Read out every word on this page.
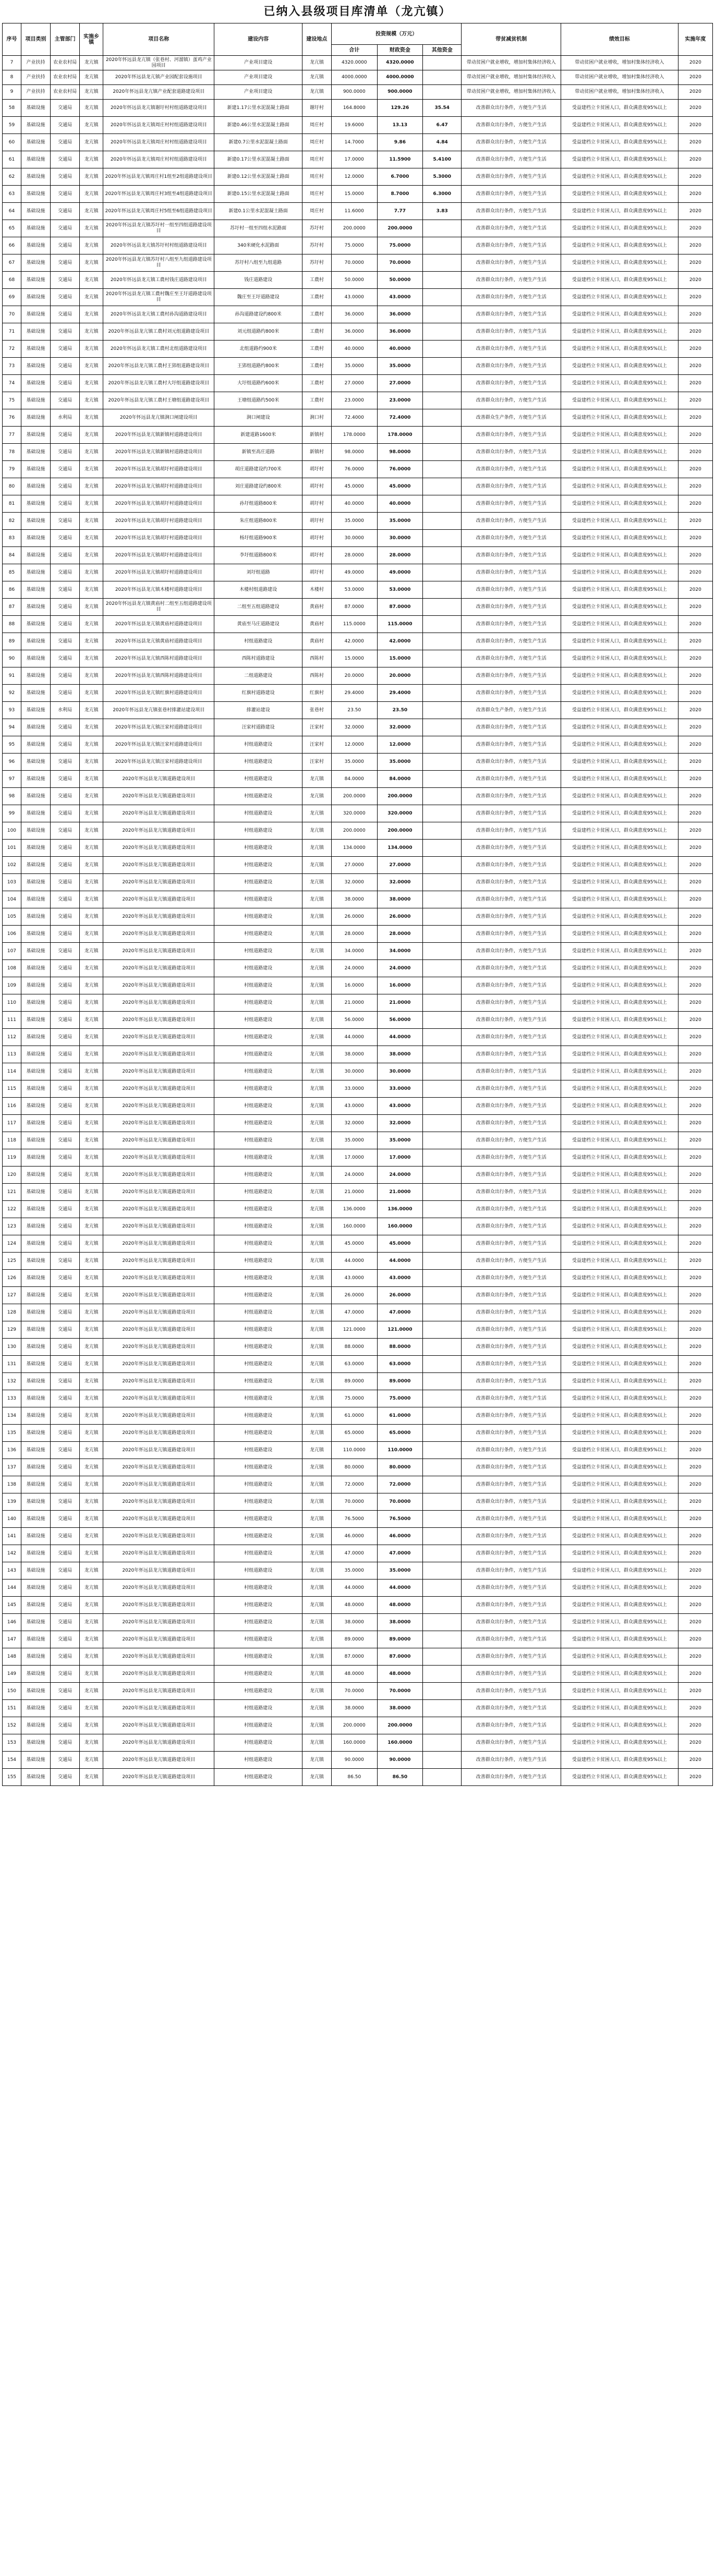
已纳入县级项目库清单（龙亢镇）
序号	项目类别	主管部门	实施乡镇	项目名称	建设内容	建设地点	投资规模（万元）			带贫减贫机制	绩效目标	实施年度
							合计	财政资金	其他资金			
7	产业扶持	农业农村局	龙亢镇	2020年怀远县龙亢镇（张巷村、河溜镇）蛋鸡产业园项目	产业项目建设	龙亢镇	4320.0000	4320.0000		带动贫困户就业增收，增加村集体经济收入	带动贫困户就业增收，增加村集体经济收入	2020
8	产业扶持	农业农村局	龙亢镇	2020年怀远县龙亢镇产业园配套设施项目	产业项目建设	龙亢镇	4000.0000	4000.0000		带动贫困户就业增收，增加村集体经济收入	带动贫困户就业增收，增加村集体经济收入	2020
9	产业扶持	农业农村局	龙亢镇	2020年怀远县龙亢镇产业配套道路建设项目	产业项目建设	龙亢镇	900.0000	900.0000		带动贫困户就业增收，增加村集体经济收入	带动贫困户就业增收，增加村集体经济收入	2020
58	基础设施	交通局	龙亢镇	2020年怀远县龙亢镇谢圩村村组道路建设项目	新建1.17公里水泥混凝土路面	谢圩村	164.8000	129.26	35.54	改善群众出行条件，方便生产生活	受益建档立卡贫困人口，群众满意度95%以上	2020
59	基础设施	交通局	龙亢镇	2020年怀远县龙亢镇周庄村村组道路建设项目	新建0.46公里水泥混凝土路面	周庄村	19.6000	13.13	6.47	改善群众出行条件，方便生产生活	受益建档立卡贫困人口，群众满意度95%以上	2020
60	基础设施	交通局	龙亢镇	2020年怀远县龙亢镇周庄村村组道路建设项目	新建0.7公里水泥混凝土路面	周庄村	14.7000	9.86	4.84	改善群众出行条件，方便生产生活	受益建档立卡贫困人口，群众满意度95%以上	2020
61	基础设施	交通局	龙亢镇	2020年怀远县龙亢镇周庄村村组道路建设项目	新建0.17公里水泥混凝土路面	周庄村	17.0000	11.5900	5.4100	改善群众出行条件，方便生产生活	受益建档立卡贫困人口，群众满意度95%以上	2020
62	基础设施	交通局	龙亢镇	2020年怀远县龙亢镇周庄村1组至2组道路建设项目	新建0.12公里水泥混凝土路面	周庄村	12.0000	6.7000	5.3000	改善群众出行条件，方便生产生活	受益建档立卡贫困人口，群众满意度95%以上	2020
63	基础设施	交通局	龙亢镇	2020年怀远县龙亢镇周庄村3组至4组道路建设项目	新建0.15公里水泥混凝土路面	周庄村	15.0000	8.7000	6.3000	改善群众出行条件，方便生产生活	受益建档立卡贫困人口，群众满意度95%以上	2020
64	基础设施	交通局	龙亢镇	2020年怀远县龙亢镇周庄村5组至6组道路建设项目	新建0.1公里水泥混凝土路面	周庄村	11.6000	7.77	3.83	改善群众出行条件，方便生产生活	受益建档立卡贫困人口，群众满意度95%以上	2020
65	基础设施	交通局	龙亢镇	2020年怀远县龙亢镇苏圩村一组至四组道路建设项目	苏圩村一组至四组水泥路面	苏圩村	200.0000	200.0000		改善群众出行条件，方便生产生活	受益建档立卡贫困人口，群众满意度95%以上	2020
66	基础设施	交通局	龙亢镇	2020年怀远县龙亢镇苏圩村村组道路建设项目	340米硬化水泥路面	苏圩村	75.0000	75.0000		改善群众出行条件，方便生产生活	受益建档立卡贫困人口，群众满意度95%以上	2020
67	基础设施	交通局	龙亢镇	2020年怀远县龙亢镇苏圩村八组至九组道路建设项目	苏圩村八组至九组道路	苏圩村	70.0000	70.0000		改善群众出行条件，方便生产生活	受益建档立卡贫困人口，群众满意度95%以上	2020
68	基础设施	交通局	龙亢镇	2020年怀远县龙亢镇工農村钱庄道路建设项目	钱庄道路建设	工農村	50.0000	50.0000		改善群众出行条件，方便生产生活	受益建档立卡贫困人口，群众满意度95%以上	2020
69	基础设施	交通局	龙亢镇	2020年怀远县龙亢镇工農村魏庄至王圩道路建设项目	魏庄至王圩道路建设	工農村	43.0000	43.0000		改善群众出行条件，方便生产生活	受益建档立卡贫困人口，群众满意度95%以上	2020
70	基础设施	交通局	龙亢镇	2020年怀远县龙亢镇工農村孙沟道路建设项目	孙沟道路建设约800米	工農村	36.0000	36.0000		改善群众出行条件，方便生产生活	受益建档立卡贫困人口，群众满意度95%以上	2020
71	基础设施	交通局	龙亢镇	2020年怀远县龙亢镇工農村刘元组道路建设项目	刘元组道路约800米	工農村	36.0000	36.0000		改善群众出行条件，方便生产生活	受益建档立卡贫困人口，群众满意度95%以上	2020
72	基础设施	交通局	龙亢镇	2020年怀远县龙亢镇工農村北组道路建设项目	北组道路约900米	工農村	40.0000	40.0000		改善群众出行条件，方便生产生活	受益建档立卡贫困人口，群众满意度95%以上	2020
73	基础设施	交通局	龙亢镇	2020年怀远县龙亢镇工農村王郢组道路建设项目	王郢组道路约800米	工農村	35.0000	35.0000		改善群众出行条件，方便生产生活	受益建档立卡贫困人口，群众满意度95%以上	2020
74	基础设施	交通局	龙亢镇	2020年怀远县龙亢镇工農村大圩组道路建设项目	大圩组道路约600米	工農村	27.0000	27.0000		改善群众出行条件，方便生产生活	受益建档立卡贫困人口，群众满意度95%以上	2020
75	基础设施	交通局	龙亢镇	2020年怀远县龙亢镇工農村王塘组道路建设项目	王塘组道路约500米	工農村	23.0000	23.0000		改善群众出行条件，方便生产生活	受益建档立卡贫困人口，群众满意度95%以上	2020
76	基础设施	水利局	龙亢镇	2020年怀远县龙亢镇涧口闸建设项目	涧口闸建设	涧口村	72.4000	72.4000		改善群众生产条件，方便生产生活	受益建档立卡贫困人口，群众满意度95%以上	2020
77	基础设施	交通局	龙亢镇	2020年怀远县龙亢镇新镇村道路建设项目	新建道路1600米	新镇村	178.0000	178.0000		改善群众出行条件，方便生产生活	受益建档立卡贫困人口，群众满意度95%以上	2020
78	基础设施	交通局	龙亢镇	2020年怀远县龙亢镇新镇村道路建设项目	新镇至高庄道路	新镇村	98.0000	98.0000		改善群众出行条件，方便生产生活	受益建档立卡贫困人口，群众满意度95%以上	2020
79	基础设施	交通局	龙亢镇	2020年怀远县龙亢镇胡圩村道路建设项目	胡庄道路建设约700米	胡圩村	76.0000	76.0000		改善群众出行条件，方便生产生活	受益建档立卡贫困人口，群众满意度95%以上	2020
80	基础设施	交通局	龙亢镇	2020年怀远县龙亢镇胡圩村道路建设项目	刘庄道路建设约800米	胡圩村	45.0000	45.0000		改善群众出行条件，方便生产生活	受益建档立卡贫困人口，群众满意度95%以上	2020
81	基础设施	交通局	龙亢镇	2020年怀远县龙亢镇胡圩村道路建设项目	孙圩组道路800米	胡圩村	40.0000	40.0000		改善群众出行条件，方便生产生活	受益建档立卡贫困人口，群众满意度95%以上	2020
82	基础设施	交通局	龙亢镇	2020年怀远县龙亢镇胡圩村道路建设项目	朱庄组道路800米	胡圩村	35.0000	35.0000		改善群众出行条件，方便生产生活	受益建档立卡贫困人口，群众满意度95%以上	2020
83	基础设施	交通局	龙亢镇	2020年怀远县龙亢镇胡圩村道路建设项目	杨圩组道路900米	胡圩村	30.0000	30.0000		改善群众出行条件，方便生产生活	受益建档立卡贫困人口，群众满意度95%以上	2020
84	基础设施	交通局	龙亢镇	2020年怀远县龙亢镇胡圩村道路建设项目	李圩组道路800米	胡圩村	28.0000	28.0000		改善群众出行条件，方便生产生活	受益建档立卡贫困人口，群众满意度95%以上	2020
85	基础设施	交通局	龙亢镇	2020年怀远县龙亢镇胡圩村道路建设项目	刘圩组道路	胡圩村	49.0000	49.0000		改善群众出行条件，方便生产生活	受益建档立卡贫困人口，群众满意度95%以上	2020
86	基础设施	交通局	龙亢镇	2020年怀远县龙亢镇木楼村道路建设项目	木楼村组道路建设	木楼村	53.0000	53.0000		改善群众出行条件，方便生产生活	受益建档立卡贫困人口，群众满意度95%以上	2020
87	基础设施	交通局	龙亢镇	2020年怀远县龙亢镇黄庙村二组至五组道路建设项目	二组至五组道路建设	黄庙村	87.0000	87.0000		改善群众出行条件，方便生产生活	受益建档立卡贫困人口，群众满意度95%以上	2020
88	基础设施	交通局	龙亢镇	2020年怀远县龙亢镇黄庙村道路建设项目	黄庙至马庄道路建设	黄庙村	115.0000	115.0000		改善群众出行条件，方便生产生活	受益建档立卡贫困人口，群众满意度95%以上	2020
89	基础设施	交通局	龙亢镇	2020年怀远县龙亢镇黄庙村道路建设项目	村组道路建设	黄庙村	42.0000	42.0000		改善群众出行条件，方便生产生活	受益建档立卡贫困人口，群众满意度95%以上	2020
90	基础设施	交通局	龙亢镇	2020年怀远县龙亢镇西陈村道路建设项目	西陈村道路建设	西陈村	15.0000	15.0000		改善群众出行条件，方便生产生活	受益建档立卡贫困人口，群众满意度95%以上	2020
91	基础设施	交通局	龙亢镇	2020年怀远县龙亢镇西陈村道路建设项目	二组道路建设	西陈村	20.0000	20.0000		改善群众出行条件，方便生产生活	受益建档立卡贫困人口，群众满意度95%以上	2020
92	基础设施	交通局	龙亢镇	2020年怀远县龙亢镇红旗村道路建设项目	红旗村道路建设	红旗村	29.4000	29.4000		改善群众出行条件，方便生产生活	受益建档立卡贫困人口，群众满意度95%以上	2020
93	基础设施	水利局	龙亢镇	2020年怀远县龙亢镇张巷村排灌站建设项目	排灌站建设	张巷村	23.50	23.50		改善群众生产条件，方便生产生活	受益建档立卡贫困人口，群众满意度95%以上	2020
94	基础设施	交通局	龙亢镇	2020年怀远县龙亢镇汪家村道路建设项目	汪家村道路建设	汪家村	32.0000	32.0000		改善群众出行条件，方便生产生活	受益建档立卡贫困人口，群众满意度95%以上	2020
95	基础设施	交通局	龙亢镇	2020年怀远县龙亢镇汪家村道路建设项目	村组道路建设	汪家村	12.0000	12.0000		改善群众出行条件，方便生产生活	受益建档立卡贫困人口，群众满意度95%以上	2020
96	基础设施	交通局	龙亢镇	2020年怀远县龙亢镇汪家村道路建设项目	村组道路建设	汪家村	35.0000	35.0000		改善群众出行条件，方便生产生活	受益建档立卡贫困人口，群众满意度95%以上	2020
97	基础设施	交通局	龙亢镇	2020年怀远县龙亢镇道路建设项目	村组道路建设	龙亢镇	84.0000	84.0000		改善群众出行条件，方便生产生活	受益建档立卡贫困人口，群众满意度95%以上	2020
98	基础设施	交通局	龙亢镇	2020年怀远县龙亢镇道路建设项目	村组道路建设	龙亢镇	200.0000	200.0000		改善群众出行条件，方便生产生活	受益建档立卡贫困人口，群众满意度95%以上	2020
99	基础设施	交通局	龙亢镇	2020年怀远县龙亢镇道路建设项目	村组道路建设	龙亢镇	320.0000	320.0000		改善群众出行条件，方便生产生活	受益建档立卡贫困人口，群众满意度95%以上	2020
100	基础设施	交通局	龙亢镇	2020年怀远县龙亢镇道路建设项目	村组道路建设	龙亢镇	200.0000	200.0000		改善群众出行条件，方便生产生活	受益建档立卡贫困人口，群众满意度95%以上	2020
101	基础设施	交通局	龙亢镇	2020年怀远县龙亢镇道路建设项目	村组道路建设	龙亢镇	134.0000	134.0000		改善群众出行条件，方便生产生活	受益建档立卡贫困人口，群众满意度95%以上	2020
102	基础设施	交通局	龙亢镇	2020年怀远县龙亢镇道路建设项目	村组道路建设	龙亢镇	27.0000	27.0000		改善群众出行条件，方便生产生活	受益建档立卡贫困人口，群众满意度95%以上	2020
103	基础设施	交通局	龙亢镇	2020年怀远县龙亢镇道路建设项目	村组道路建设	龙亢镇	32.0000	32.0000		改善群众出行条件，方便生产生活	受益建档立卡贫困人口，群众满意度95%以上	2020
104	基础设施	交通局	龙亢镇	2020年怀远县龙亢镇道路建设项目	村组道路建设	龙亢镇	38.0000	38.0000		改善群众出行条件，方便生产生活	受益建档立卡贫困人口，群众满意度95%以上	2020
105	基础设施	交通局	龙亢镇	2020年怀远县龙亢镇道路建设项目	村组道路建设	龙亢镇	26.0000	26.0000		改善群众出行条件，方便生产生活	受益建档立卡贫困人口，群众满意度95%以上	2020
106	基础设施	交通局	龙亢镇	2020年怀远县龙亢镇道路建设项目	村组道路建设	龙亢镇	28.0000	28.0000		改善群众出行条件，方便生产生活	受益建档立卡贫困人口，群众满意度95%以上	2020
107	基础设施	交通局	龙亢镇	2020年怀远县龙亢镇道路建设项目	村组道路建设	龙亢镇	34.0000	34.0000		改善群众出行条件，方便生产生活	受益建档立卡贫困人口，群众满意度95%以上	2020
108	基础设施	交通局	龙亢镇	2020年怀远县龙亢镇道路建设项目	村组道路建设	龙亢镇	24.0000	24.0000		改善群众出行条件，方便生产生活	受益建档立卡贫困人口，群众满意度95%以上	2020
109	基础设施	交通局	龙亢镇	2020年怀远县龙亢镇道路建设项目	村组道路建设	龙亢镇	16.0000	16.0000		改善群众出行条件，方便生产生活	受益建档立卡贫困人口，群众满意度95%以上	2020
110	基础设施	交通局	龙亢镇	2020年怀远县龙亢镇道路建设项目	村组道路建设	龙亢镇	21.0000	21.0000		改善群众出行条件，方便生产生活	受益建档立卡贫困人口，群众满意度95%以上	2020
111	基础设施	交通局	龙亢镇	2020年怀远县龙亢镇道路建设项目	村组道路建设	龙亢镇	56.0000	56.0000		改善群众出行条件，方便生产生活	受益建档立卡贫困人口，群众满意度95%以上	2020
112	基础设施	交通局	龙亢镇	2020年怀远县龙亢镇道路建设项目	村组道路建设	龙亢镇	44.0000	44.0000		改善群众出行条件，方便生产生活	受益建档立卡贫困人口，群众满意度95%以上	2020
113	基础设施	交通局	龙亢镇	2020年怀远县龙亢镇道路建设项目	村组道路建设	龙亢镇	38.0000	38.0000		改善群众出行条件，方便生产生活	受益建档立卡贫困人口，群众满意度95%以上	2020
114	基础设施	交通局	龙亢镇	2020年怀远县龙亢镇道路建设项目	村组道路建设	龙亢镇	30.0000	30.0000		改善群众出行条件，方便生产生活	受益建档立卡贫困人口，群众满意度95%以上	2020
115	基础设施	交通局	龙亢镇	2020年怀远县龙亢镇道路建设项目	村组道路建设	龙亢镇	33.0000	33.0000		改善群众出行条件，方便生产生活	受益建档立卡贫困人口，群众满意度95%以上	2020
116	基础设施	交通局	龙亢镇	2020年怀远县龙亢镇道路建设项目	村组道路建设	龙亢镇	43.0000	43.0000		改善群众出行条件，方便生产生活	受益建档立卡贫困人口，群众满意度95%以上	2020
117	基础设施	交通局	龙亢镇	2020年怀远县龙亢镇道路建设项目	村组道路建设	龙亢镇	32.0000	32.0000		改善群众出行条件，方便生产生活	受益建档立卡贫困人口，群众满意度95%以上	2020
118	基础设施	交通局	龙亢镇	2020年怀远县龙亢镇道路建设项目	村组道路建设	龙亢镇	35.0000	35.0000		改善群众出行条件，方便生产生活	受益建档立卡贫困人口，群众满意度95%以上	2020
119	基础设施	交通局	龙亢镇	2020年怀远县龙亢镇道路建设项目	村组道路建设	龙亢镇	17.0000	17.0000		改善群众出行条件，方便生产生活	受益建档立卡贫困人口，群众满意度95%以上	2020
120	基础设施	交通局	龙亢镇	2020年怀远县龙亢镇道路建设项目	村组道路建设	龙亢镇	24.0000	24.0000		改善群众出行条件，方便生产生活	受益建档立卡贫困人口，群众满意度95%以上	2020
121	基础设施	交通局	龙亢镇	2020年怀远县龙亢镇道路建设项目	村组道路建设	龙亢镇	21.0000	21.0000		改善群众出行条件，方便生产生活	受益建档立卡贫困人口，群众满意度95%以上	2020
122	基础设施	交通局	龙亢镇	2020年怀远县龙亢镇道路建设项目	村组道路建设	龙亢镇	136.0000	136.0000		改善群众出行条件，方便生产生活	受益建档立卡贫困人口，群众满意度95%以上	2020
123	基础设施	交通局	龙亢镇	2020年怀远县龙亢镇道路建设项目	村组道路建设	龙亢镇	160.0000	160.0000		改善群众出行条件，方便生产生活	受益建档立卡贫困人口，群众满意度95%以上	2020
124	基础设施	交通局	龙亢镇	2020年怀远县龙亢镇道路建设项目	村组道路建设	龙亢镇	45.0000	45.0000		改善群众出行条件，方便生产生活	受益建档立卡贫困人口，群众满意度95%以上	2020
125	基础设施	交通局	龙亢镇	2020年怀远县龙亢镇道路建设项目	村组道路建设	龙亢镇	44.0000	44.0000		改善群众出行条件，方便生产生活	受益建档立卡贫困人口，群众满意度95%以上	2020
126	基础设施	交通局	龙亢镇	2020年怀远县龙亢镇道路建设项目	村组道路建设	龙亢镇	43.0000	43.0000		改善群众出行条件，方便生产生活	受益建档立卡贫困人口，群众满意度95%以上	2020
127	基础设施	交通局	龙亢镇	2020年怀远县龙亢镇道路建设项目	村组道路建设	龙亢镇	26.0000	26.0000		改善群众出行条件，方便生产生活	受益建档立卡贫困人口，群众满意度95%以上	2020
128	基础设施	交通局	龙亢镇	2020年怀远县龙亢镇道路建设项目	村组道路建设	龙亢镇	47.0000	47.0000		改善群众出行条件，方便生产生活	受益建档立卡贫困人口，群众满意度95%以上	2020
129	基础设施	交通局	龙亢镇	2020年怀远县龙亢镇道路建设项目	村组道路建设	龙亢镇	121.0000	121.0000		改善群众出行条件，方便生产生活	受益建档立卡贫困人口，群众满意度95%以上	2020
130	基础设施	交通局	龙亢镇	2020年怀远县龙亢镇道路建设项目	村组道路建设	龙亢镇	88.0000	88.0000		改善群众出行条件，方便生产生活	受益建档立卡贫困人口，群众满意度95%以上	2020
131	基础设施	交通局	龙亢镇	2020年怀远县龙亢镇道路建设项目	村组道路建设	龙亢镇	63.0000	63.0000		改善群众出行条件，方便生产生活	受益建档立卡贫困人口，群众满意度95%以上	2020
132	基础设施	交通局	龙亢镇	2020年怀远县龙亢镇道路建设项目	村组道路建设	龙亢镇	89.0000	89.0000		改善群众出行条件，方便生产生活	受益建档立卡贫困人口，群众满意度95%以上	2020
133	基础设施	交通局	龙亢镇	2020年怀远县龙亢镇道路建设项目	村组道路建设	龙亢镇	75.0000	75.0000		改善群众出行条件，方便生产生活	受益建档立卡贫困人口，群众满意度95%以上	2020
134	基础设施	交通局	龙亢镇	2020年怀远县龙亢镇道路建设项目	村组道路建设	龙亢镇	61.0000	61.0000		改善群众出行条件，方便生产生活	受益建档立卡贫困人口，群众满意度95%以上	2020
135	基础设施	交通局	龙亢镇	2020年怀远县龙亢镇道路建设项目	村组道路建设	龙亢镇	65.0000	65.0000		改善群众出行条件，方便生产生活	受益建档立卡贫困人口，群众满意度95%以上	2020
136	基础设施	交通局	龙亢镇	2020年怀远县龙亢镇道路建设项目	村组道路建设	龙亢镇	110.0000	110.0000		改善群众出行条件，方便生产生活	受益建档立卡贫困人口，群众满意度95%以上	2020
137	基础设施	交通局	龙亢镇	2020年怀远县龙亢镇道路建设项目	村组道路建设	龙亢镇	80.0000	80.0000		改善群众出行条件，方便生产生活	受益建档立卡贫困人口，群众满意度95%以上	2020
138	基础设施	交通局	龙亢镇	2020年怀远县龙亢镇道路建设项目	村组道路建设	龙亢镇	72.0000	72.0000		改善群众出行条件，方便生产生活	受益建档立卡贫困人口，群众满意度95%以上	2020
139	基础设施	交通局	龙亢镇	2020年怀远县龙亢镇道路建设项目	村组道路建设	龙亢镇	70.0000	70.0000		改善群众出行条件，方便生产生活	受益建档立卡贫困人口，群众满意度95%以上	2020
140	基础设施	交通局	龙亢镇	2020年怀远县龙亢镇道路建设项目	村组道路建设	龙亢镇	76.5000	76.5000		改善群众出行条件，方便生产生活	受益建档立卡贫困人口，群众满意度95%以上	2020
141	基础设施	交通局	龙亢镇	2020年怀远县龙亢镇道路建设项目	村组道路建设	龙亢镇	46.0000	46.0000		改善群众出行条件，方便生产生活	受益建档立卡贫困人口，群众满意度95%以上	2020
142	基础设施	交通局	龙亢镇	2020年怀远县龙亢镇道路建设项目	村组道路建设	龙亢镇	47.0000	47.0000		改善群众出行条件，方便生产生活	受益建档立卡贫困人口，群众满意度95%以上	2020
143	基础设施	交通局	龙亢镇	2020年怀远县龙亢镇道路建设项目	村组道路建设	龙亢镇	35.0000	35.0000		改善群众出行条件，方便生产生活	受益建档立卡贫困人口，群众满意度95%以上	2020
144	基础设施	交通局	龙亢镇	2020年怀远县龙亢镇道路建设项目	村组道路建设	龙亢镇	44.0000	44.0000		改善群众出行条件，方便生产生活	受益建档立卡贫困人口，群众满意度95%以上	2020
145	基础设施	交通局	龙亢镇	2020年怀远县龙亢镇道路建设项目	村组道路建设	龙亢镇	48.0000	48.0000		改善群众出行条件，方便生产生活	受益建档立卡贫困人口，群众满意度95%以上	2020
146	基础设施	交通局	龙亢镇	2020年怀远县龙亢镇道路建设项目	村组道路建设	龙亢镇	38.0000	38.0000		改善群众出行条件，方便生产生活	受益建档立卡贫困人口，群众满意度95%以上	2020
147	基础设施	交通局	龙亢镇	2020年怀远县龙亢镇道路建设项目	村组道路建设	龙亢镇	89.0000	89.0000		改善群众出行条件，方便生产生活	受益建档立卡贫困人口，群众满意度95%以上	2020
148	基础设施	交通局	龙亢镇	2020年怀远县龙亢镇道路建设项目	村组道路建设	龙亢镇	87.0000	87.0000		改善群众出行条件，方便生产生活	受益建档立卡贫困人口，群众满意度95%以上	2020
149	基础设施	交通局	龙亢镇	2020年怀远县龙亢镇道路建设项目	村组道路建设	龙亢镇	48.0000	48.0000		改善群众出行条件，方便生产生活	受益建档立卡贫困人口，群众满意度95%以上	2020
150	基础设施	交通局	龙亢镇	2020年怀远县龙亢镇道路建设项目	村组道路建设	龙亢镇	70.0000	70.0000		改善群众出行条件，方便生产生活	受益建档立卡贫困人口，群众满意度95%以上	2020
151	基础设施	交通局	龙亢镇	2020年怀远县龙亢镇道路建设项目	村组道路建设	龙亢镇	38.0000	38.0000		改善群众出行条件，方便生产生活	受益建档立卡贫困人口，群众满意度95%以上	2020
152	基础设施	交通局	龙亢镇	2020年怀远县龙亢镇道路建设项目	村组道路建设	龙亢镇	200.0000	200.0000		改善群众出行条件，方便生产生活	受益建档立卡贫困人口，群众满意度95%以上	2020
153	基础设施	交通局	龙亢镇	2020年怀远县龙亢镇道路建设项目	村组道路建设	龙亢镇	160.0000	160.0000		改善群众出行条件，方便生产生活	受益建档立卡贫困人口，群众满意度95%以上	2020
154	基础设施	交通局	龙亢镇	2020年怀远县龙亢镇道路建设项目	村组道路建设	龙亢镇	90.0000	90.0000		改善群众出行条件，方便生产生活	受益建档立卡贫困人口，群众满意度95%以上	2020
155	基础设施	交通局	龙亢镇	2020年怀远县龙亢镇道路建设项目	村组道路建设	龙亢镇	86.50	86.50		改善群众出行条件，方便生产生活	受益建档立卡贫困人口，群众满意度95%以上	2020
